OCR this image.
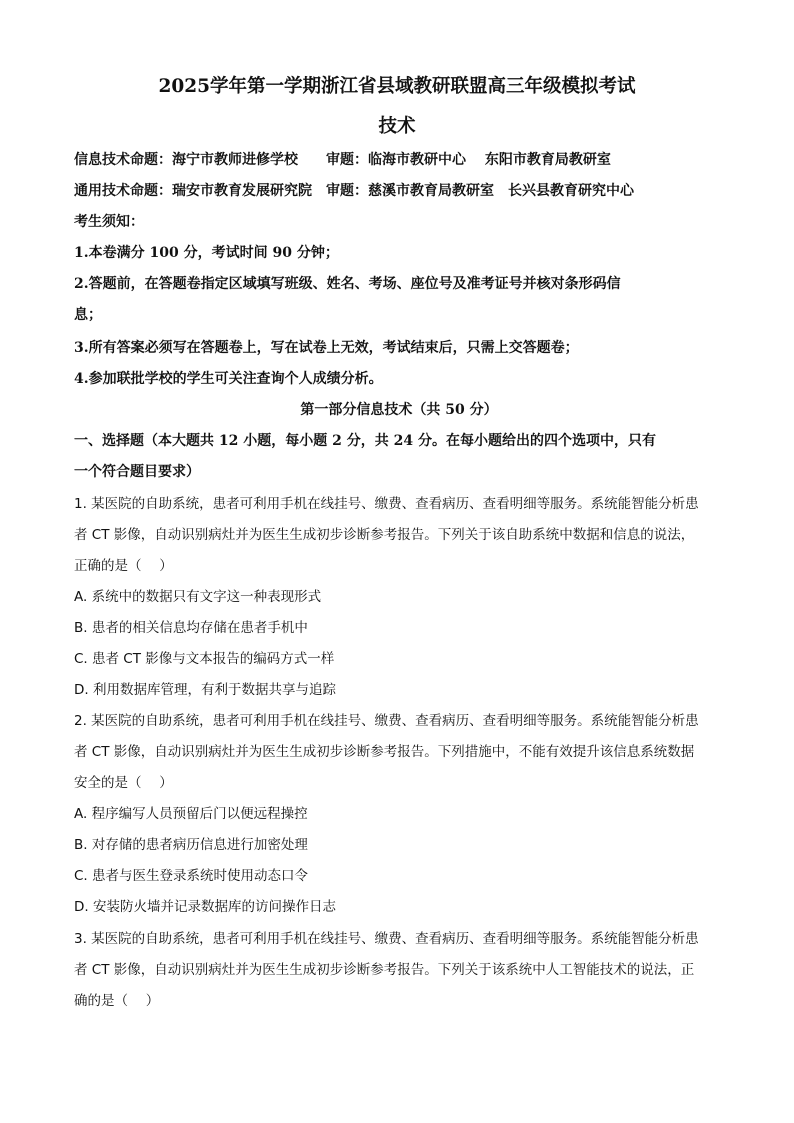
2025学年第一学期浙江省县域教研联盟高三年级模拟考试
技术
信息技术命题：海宁市教师进修学校　　审题：临海市教研中心　 东阳市教育局教研室
通用技术命题：瑞安市教育发展研究院　审题：慈溪市教育局教研室　长兴县教育研究中心
考生须知：
1.本卷满分 100 分，考试时间 90 分钟；
2.答题前，在答题卷指定区域填写班级、姓名、考场、座位号及准考证号并核对条形码信
息；
3.所有答案必须写在答题卷上，写在试卷上无效，考试结束后，只需上交答题卷；
4.参加联批学校的学生可关注查询个人成绩分析。
第一部分信息技术（共 50 分）
一、选择题（本大题共 12 小题，每小题 2 分，共 24 分。在每小题给出的四个选项中，只有
一个符合题目要求）
1. 某医院的自助系统，患者可利用手机在线挂号、缴费、查看病历、查看明细等服务。系统能智能分析患
者 CT 影像，自动识别病灶并为医生生成初步诊断参考报告。下列关于该自助系统中数据和信息的说法，
正确的是（　 ）
A. 系统中的数据只有文字这一种表现形式
B. 患者的相关信息均存储在患者手机中
C. 患者 CT 影像与文本报告的编码方式一样
D. 利用数据库管理，有利于数据共享与追踪
2. 某医院的自助系统，患者可利用手机在线挂号、缴费、查看病历、查看明细等服务。系统能智能分析患
者 CT 影像，自动识别病灶并为医生生成初步诊断参考报告。下列措施中，不能有效提升该信息系统数据
安全的是（　 ）
A. 程序编写人员预留后门以便远程操控
B. 对存储的患者病历信息进行加密处理
C. 患者与医生登录系统时使用动态口令
D. 安装防火墙并记录数据库的访问操作日志
3. 某医院的自助系统，患者可利用手机在线挂号、缴费、查看病历、查看明细等服务。系统能智能分析患
者 CT 影像，自动识别病灶并为医生生成初步诊断参考报告。下列关于该系统中人工智能技术的说法，正
确的是（　 ）
